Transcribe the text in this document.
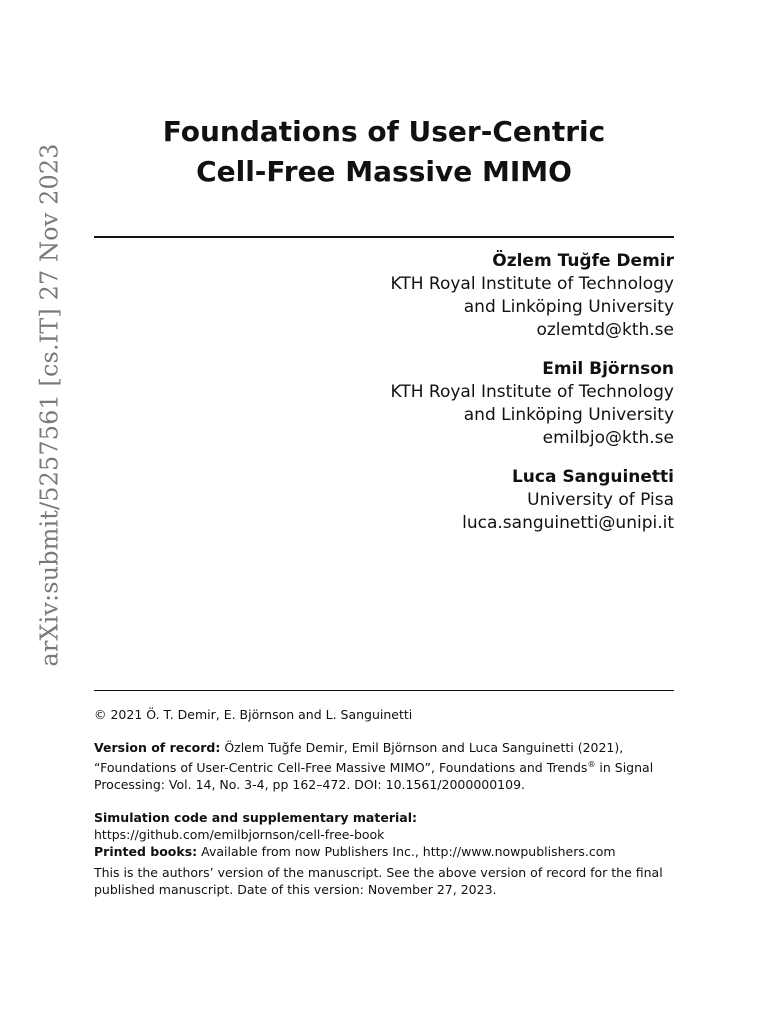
arXiv:submit/5257561 [cs.IT] 27 Nov 2023
Foundations of User-Centric
Cell-Free Massive MIMO
Özlem Tuğfe Demir
KTH Royal Institute of Technology
and Linköping University
ozlemtd@kth.se
Emil Björnson
KTH Royal Institute of Technology
and Linköping University
emilbjo@kth.se
Luca Sanguinetti
University of Pisa
luca.sanguinetti@unipi.it

© 2021 Ö. T. Demir, E. Björnson and L. Sanguinetti

Version of record: Özlem Tuğfe Demir, Emil Björnson and Luca Sanguinetti (2021), “Foundations of User-Centric Cell-Free Massive MIMO”, Foundations and Trends® in Signal Processing: Vol. 14, No. 3-4, pp 162–472. DOI: 10.1561/2000000109.

Simulation code and supplementary material:

https://github.com/emilbjornson/cell-free-book

Printed books: Available from now Publishers Inc., http://www.nowpublishers.com

This is the authors’ version of the manuscript. See the above version of record for the final published manuscript. Date of this version: November 27, 2023.
